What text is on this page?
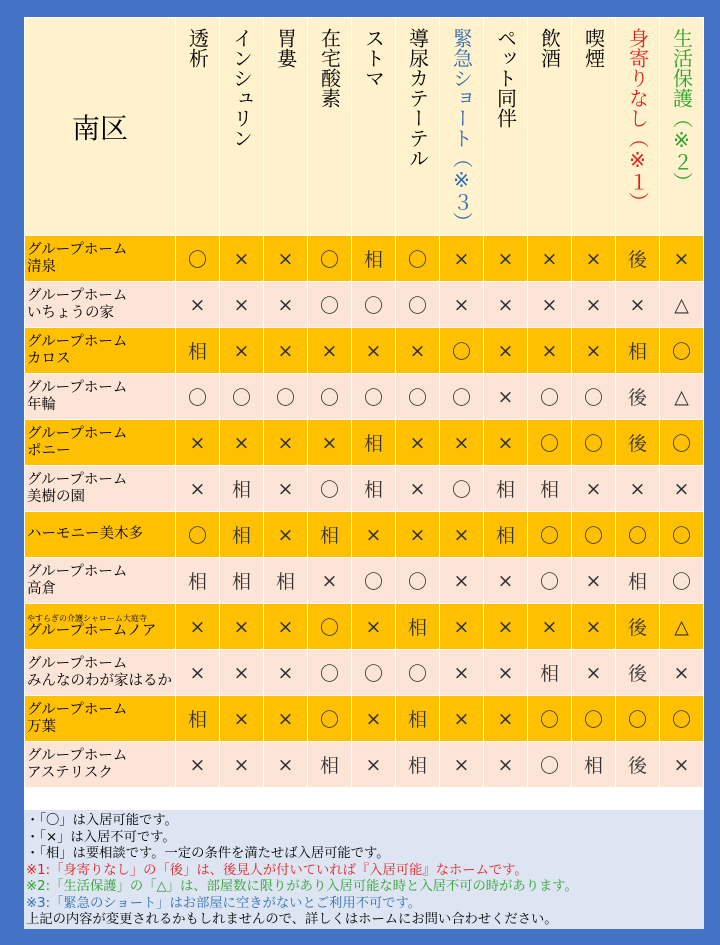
南区	透析	インシュリン	胃婁	在宅酸素	ストマ	導尿カテーテル	緊急ショート（※３）	ペット同伴	飲酒	喫煙	身寄りなし（※１）	生活保護（※２）

グループホーム
清泉	〇	×	×	〇	相	〇	×	×	×	×	後	×

グループホーム
いちょうの家	×	×	×	〇	〇	〇	×	×	×	×	×	△

グループホーム
カロス	相	×	×	×	×	×	〇	×	×	×	相	〇

グループホーム
年輪	〇	〇	〇	〇	〇	〇	〇	×	〇	〇	後	△

グループホーム
ポニー	×	×	×	×	相	×	×	×	〇	〇	後	〇

グループホーム
美樹の園	×	相	×	〇	相	×	〇	相	相	×	×	×

ハーモニー美木多	〇	相	×	相	×	×	×	相	〇	〇	〇	〇

グループホーム
高倉	相	相	相	×	〇	〇	×	×	〇	×	相	〇

やすらぎの介護シャローム大庭寺
グループホームノア	×	×	×	〇	×	相	×	×	×	×	後	△

グループホーム
みんなのわが家はるか	×	×	×	〇	〇	〇	×	×	相	×	後	×

グループホーム
万葉	相	×	×	〇	×	相	×	×	〇	〇	〇	〇

グループホーム
アステリスク	×	×	×	相	×	相	×	×	〇	相	後	×
・「〇」は入居可能です。
・「×」は入居不可です。
・「相」は要相談です。一定の条件を満たせば入居可能です。
※1:「身寄りなし」の「後」は、後見人が付いていれば『入居可能』なホームです。
※2:「生活保護」の「△」は、部屋数に限りがあり入居可能な時と入居不可の時があります。
※3:「緊急のショート」はお部屋に空きがないとご利用不可です。
上記の内容が変更されるかもしれませんので、詳しくはホームにお問い合わせください。
